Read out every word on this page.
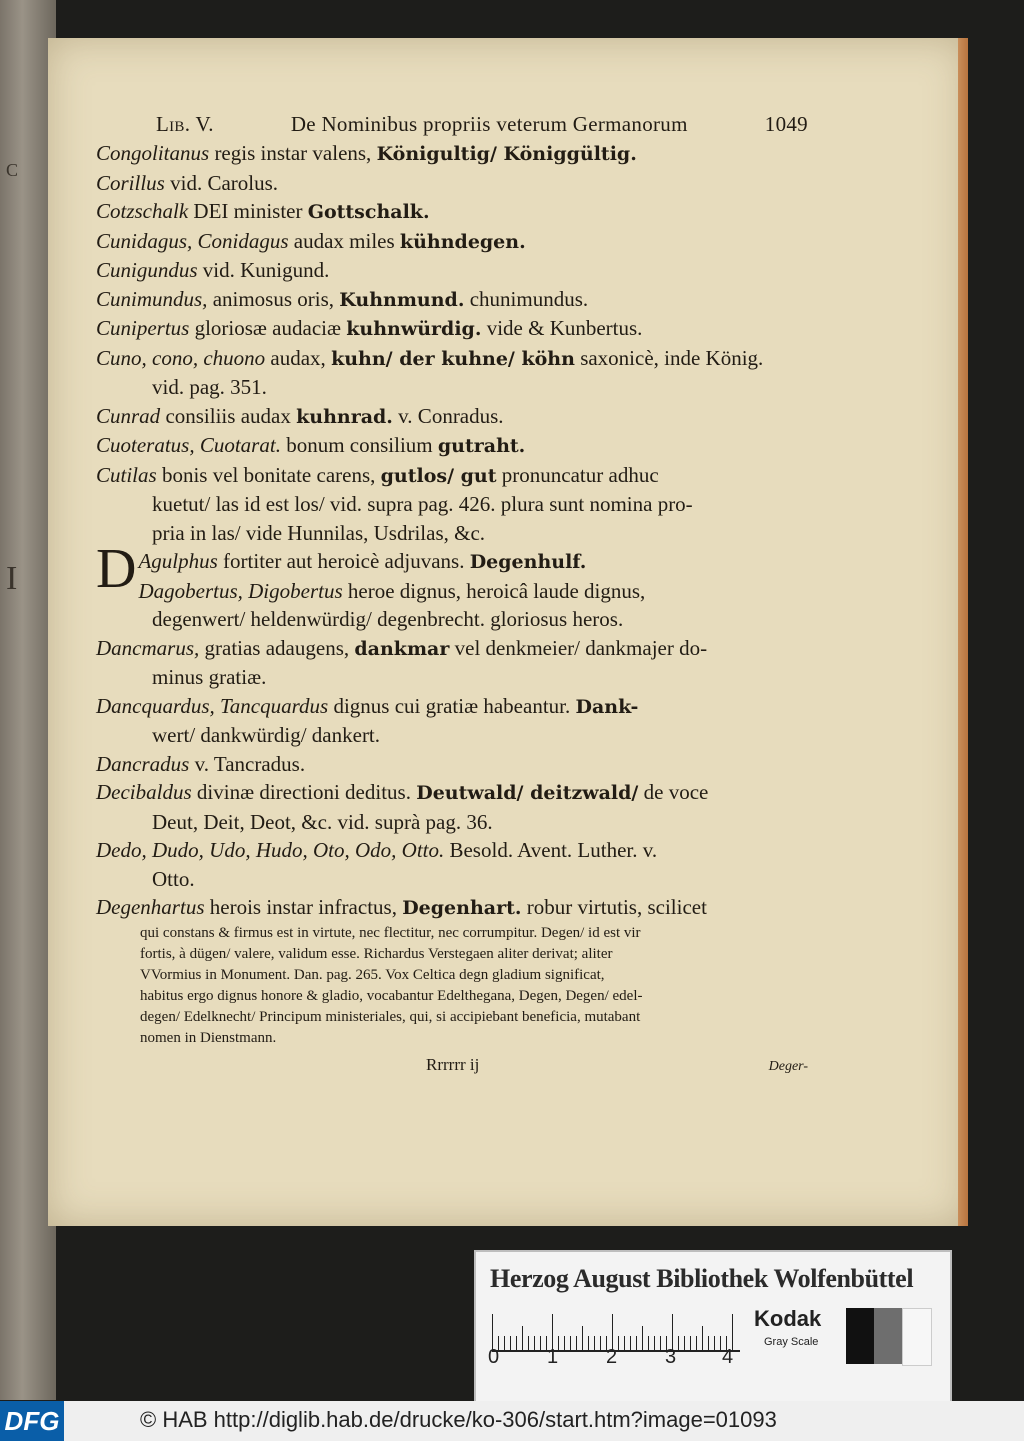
C
I
Lib. V.	De Nominibus propriis veterum Germanorum	1049
Congolitanus regis instar valens, Königultig/ Königgültig.
Corillus vid. Carolus.
Cotzschalk DEI minister Gottschalk.
Cunidagus, Conidagus audax miles kühndegen.
Cunigundus vid. Kunigund.
Cunimundus, animosus oris, Kuhnmund. chunimundus.
Cunipertus gloriosæ audaciæ kuhnwürdig. vide & Kunbertus.
Cuno, cono, chuono audax, kuhn/ der kuhne/ köhn saxonicè, inde König.
vid. pag. 351.
Cunrad consiliis audax kuhnrad. v. Conradus.
Cuoteratus, Cuotarat. bonum consilium gutraht.
Cutilas bonis vel bonitate carens, gutlos/ gut pronuncatur adhuc
kuetut/ las id est los/ vid. supra pag. 426. plura sunt nomina pro-
pria in las/ vide Hunnilas, Usdrilas, &c.
D Agulphus fortiter aut heroicè adjuvans. Degenhulf.
Dagobertus, Digobertus heroe dignus, heroicâ laude dignus,
degenwert/ heldenwürdig/ degenbrecht. gloriosus heros.
Dancmarus, gratias adaugens, dankmar vel denkmeier/ dankmajer do-
minus gratiæ.
Dancquardus, Tancquardus dignus cui gratiæ habeantur. Dank-
wert/ dankwürdig/ dankert.
Dancradus v. Tancradus.
Decibaldus divinæ directioni deditus. Deutwald/ deitzwald/ de voce
Deut, Deit, Deot, &c. vid. suprà pag. 36.
Dedo, Dudo, Udo, Hudo, Oto, Odo, Otto. Besold. Avent. Luther. v.
Otto.
Degenhartus herois instar infractus, Degenhart. robur virtutis, scilicet
qui constans & firmus est in virtute, nec flectitur, nec corrumpitur. Degen/ id est vir
fortis, à dügen/ valere, validum esse. Richardus Verstegaen aliter derivat; aliter
VVormius in Monument. Dan. pag. 265. Vox Celtica degn gladium significat,
habitus ergo dignus honore & gladio, vocabantur Edelthegana, Degen, Degen/ edel-
degen/ Edelknecht/ Principum ministeriales, qui, si accipiebant beneficia, mutabant
nomen in Dienstmann.
Rrrrrr ij	Deger-
Herzog August Bibliothek Wolfenbüttel
0 1 2 3 4
Kodak
Gray Scale
DFG	© HAB http://diglib.hab.de/drucke/ko-306/start.htm?image=01093
